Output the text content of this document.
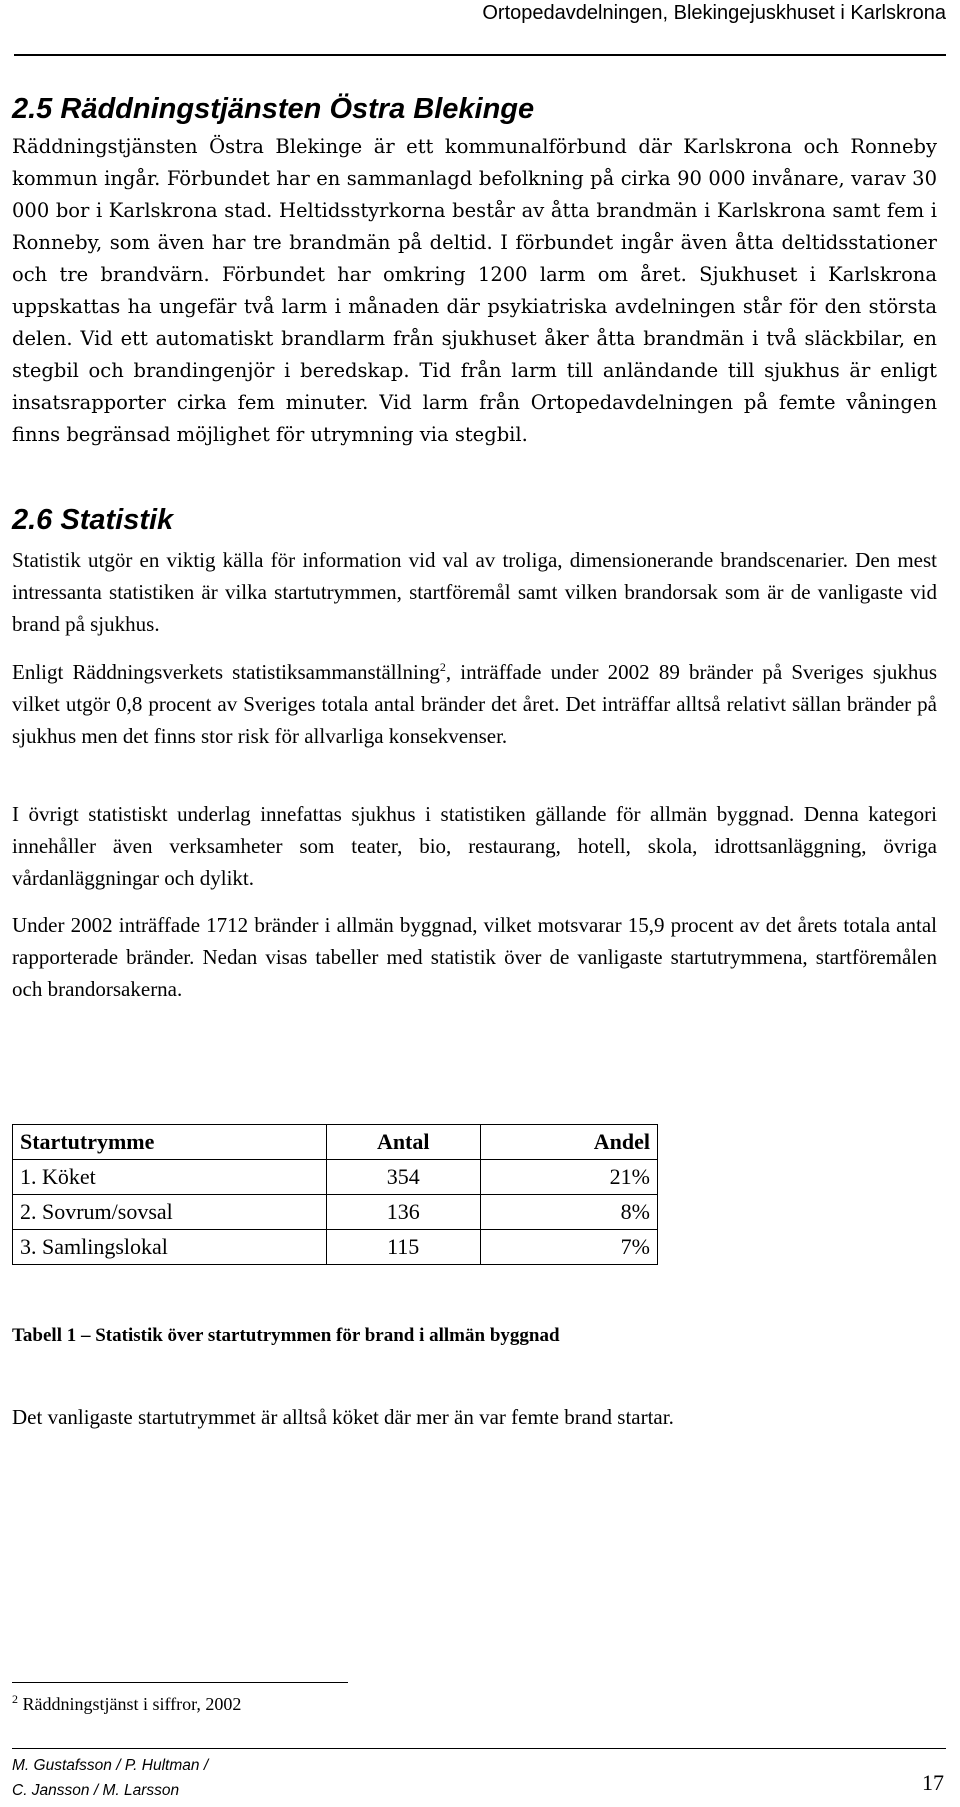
Ortopedavdelningen, Blekingejuskhuset i Karlskrona
2.5 Räddningstjänsten Östra Blekinge

Räddningstjänsten Östra Blekinge är ett kommunalförbund där Karlskrona och Ronneby kommun ingår. Förbundet har en sammanlagd befolkning på cirka 90 000 invånare, varav 30 000 bor i Karlskrona stad. Heltidsstyrkorna består av åtta brandmän i Karlskrona samt fem i Ronneby, som även har tre brandmän på deltid. I förbundet ingår även åtta deltidsstationer och tre brandvärn. Förbundet har omkring 1200 larm om året. Sjukhuset i Karlskrona uppskattas ha ungefär två larm i månaden där psykiatriska avdelningen står för den största delen. Vid ett automatiskt brandlarm från sjukhuset åker åtta brandmän i två släckbilar, en stegbil och brandingenjör i beredskap. Tid från larm till anländande till sjukhus är enligt insatsrapporter cirka fem minuter. Vid larm från Ortopedavdelningen på femte våningen finns begränsad möjlighet för utrymning via stegbil.

2.6 Statistik

Statistik utgör en viktig källa för information vid val av troliga, dimensionerande brandscenarier. Den mest intressanta statistiken är vilka startutrymmen, startföremål samt vilken brandorsak som är de vanligaste vid brand på sjukhus.

Enligt Räddningsverkets statistiksammanställning$^2$, inträffade under 2002 89 bränder på Sveriges sjukhus vilket utgör 0,8 procent av Sveriges totala antal bränder det året. Det inträffar alltså relativt sällan bränder på sjukhus men det finns stor risk för allvarliga konsekvenser.

I övrigt statistiskt underlag innefattas sjukhus i statistiken gällande för allmän byggnad. Denna kategori innehåller även verksamheter som teater, bio, restaurang, hotell, skola, idrottsanläggning, övriga vårdanläggningar och dylikt.

Under 2002 inträffade 1712 bränder i allmän byggnad, vilket motsvarar 15,9 procent av det årets totala antal rapporterade bränder. Nedan visas tabeller med statistik över de vanligaste startutrymmena, startföremålen och brandorsakerna.

Startutrymme	Antal	Andel
1. Köket	354	21%
2. Sovrum/sovsal	136	8%
3. Samlingslokal	115	7%
Tabell 1 – Statistik över startutrymmen för brand i allmän byggnad

Det vanligaste startutrymmet är alltså köket där mer än var femte brand startar.

$^2$ Räddningstjänst i siffror, 2002
M. Gustafsson / P. Hultman /
C. Jansson / M. Larsson	17
